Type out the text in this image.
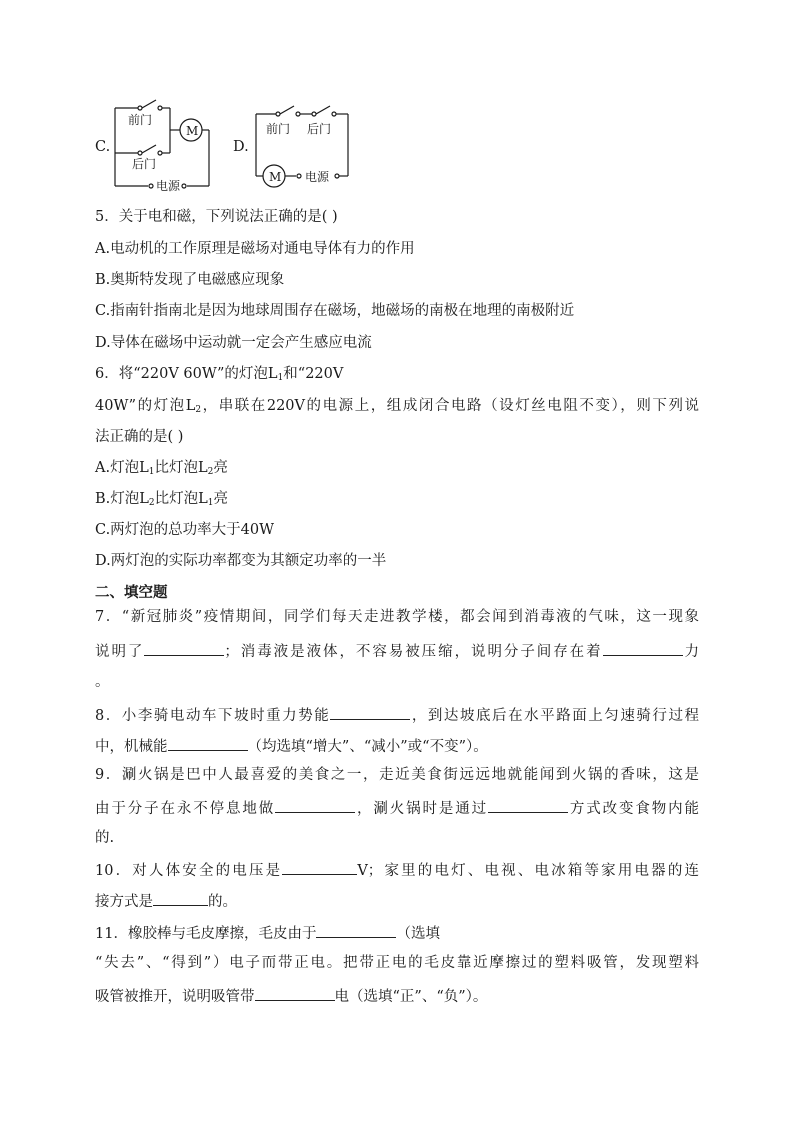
C.
前门
后门
M
电源
D.
前门 后门
M 电源
5．关于电和磁，下列说法正确的是( )
A.电动机的工作原理是磁场对通电导体有力的作用
B.奥斯特发现了电磁感应现象
C.指南针指南北是因为地球周围存在磁场，地磁场的南极在地理的南极附近
D.导体在磁场中运动就一定会产生感应电流
6．将“220V 60W”的灯泡$L_1$和“220V
40W”的灯泡$L_2$，串联在220V的电源上，组成闭合电路（设灯丝电阻不变），则下列说
法正确的是( )
A.灯泡$L_1$比灯泡$L_2$亮
B.灯泡$L_2$比灯泡$L_1$亮
C.两灯泡的总功率大于40W
D.两灯泡的实际功率都变为其额定功率的一半
二、填空题
7．“新冠肺炎”疫情期间，同学们每天走进教学楼，都会闻到消毒液的气味，这一现象
说明了	；消毒液是液体，不容易被压缩，说明分子间存在着	力
。
8．小李骑电动车下坡时重力势能	，到达坡底后在水平路面上匀速骑行过程
中，机械能	（均选填“增大”、“减小”或“不变”）。
9．涮火锅是巴中人最喜爱的美食之一，走近美食街远远地就能闻到火锅的香味，这是
由于分子在永不停息地做	，涮火锅时是通过	方式改变食物内能
的.
10．对人体安全的电压是	V；家里的电灯、电视、电冰箱等家用电器的连
接方式是	的。
11．橡胶棒与毛皮摩擦，毛皮由于	（选填
“失去”、“得到”）电子而带正电。把带正电的毛皮靠近摩擦过的塑料吸管，发现塑料
吸管被推开，说明吸管带	电（选填“正”、“负”）。
